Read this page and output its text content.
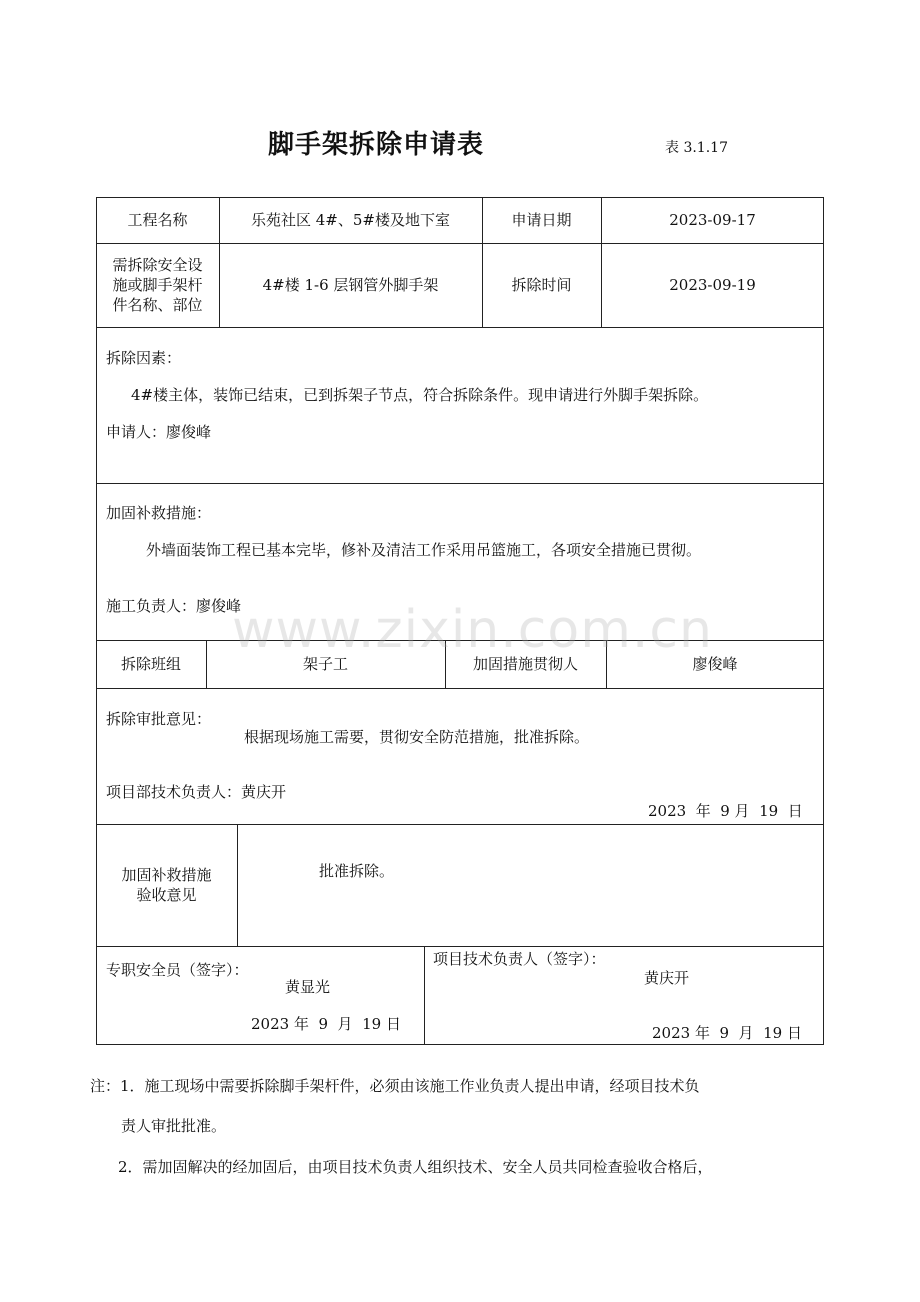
脚手架拆除申请表	表 3.1.17
工程名称	乐苑社区 4#、5#楼及地下室	申请日期	2023-09-17
需拆除安全设
施或脚手架杆
件名称、部位
4#楼 1-6 层钢管外脚手架	拆除时间	2023-09-19
拆除因素：
4#楼主体，装饰已结束，已到拆架子节点，符合拆除条件。现申请进行外脚手架拆除。
申请人：廖俊峰
加固补救措施：
外墙面装饰工程已基本完毕，修补及清洁工作采用吊篮施工，各项安全措施已贯彻。
施工负责人：廖俊峰
www.zixin.com.cn
拆除班组	架子工	加固措施贯彻人	廖俊峰
拆除审批意见：
根据现场施工需要，贯彻安全防范措施，批准拆除。
项目部技术负责人：黄庆开
2023  年  9 月  19  日
加固补救措施
验收意见
批准拆除。
专职安全员（签字）：
黄显光
2023 年  9  月  19 日
项目技术负责人（签字）：
黄庆开
2023 年  9  月  19 日
注：1．施工现场中需要拆除脚手架杆件，必须由该施工作业负责人提出申请，经项目技术负
责人审批批准。
2．需加固解决的经加固后，由项目技术负责人组织技术、安全人员共同检查验收合格后，
